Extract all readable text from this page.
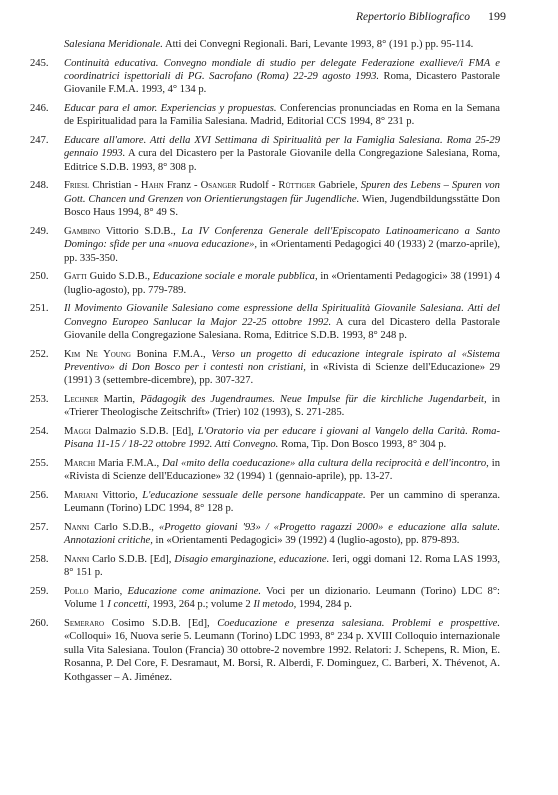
Repertorio Bibliografico 199
Salesiana Meridionale. Atti dei Convegni Regionali. Bari, Levante 1993, 8° (191 p.) pp. 95-114.
245.	Continuità educativa. Convegno mondiale di studio per delegate Federazione exallieve/i FMA e coordinatrici ispettoriali di PG. Sacrofano (Roma) 22-29 agosto 1993. Roma, Dicastero Pastorale Giovanile F.M.A. 1993, 4° 134 p.
246.	Educar para el amor. Experiencias y propuestas. Conferencias pronunciadas en Roma en la Semana de Espiritualidad para la Familia Salesiana. Madrid, Editorial CCS 1994, 8° 231 p.
247.	Educare all'amore. Atti della XVI Settimana di Spiritualità per la Famiglia Salesiana. Roma 25-29 gennaio 1993. A cura del Dicastero per la Pastorale Giovanile della Congregazione Salesiana, Roma, Editrice S.D.B. 1993, 8° 308 p.
248.	Friesl Christian - Hahn Franz - Osanger Rudolf - Rüttiger Gabriele, Spuren des Lebens – Spuren von Gott. Chancen und Grenzen von Orientierungstagen für Jugendliche. Wien, Jugendbildungsstätte Don Bosco Haus 1994, 8° 49 S.
249.	Gambino Vittorio S.D.B., La IV Conferenza Generale dell'Episcopato Latinoamericano a Santo Domingo: sfide per una «nuova educazione», in «Orientamenti Pedagogici 40 (1933) 2 (marzo-aprile), pp. 335-350.
250.	Gatti Guido S.D.B., Educazione sociale e morale pubblica, in «Orientamenti Pedagogici» 38 (1991) 4 (luglio-agosto), pp. 779-789.
251.	Il Movimento Giovanile Salesiano come espressione della Spiritualità Giovanile Salesiana. Atti del Convegno Europeo Sanlucar la Major 22-25 ottobre 1992. A cura del Dicastero della Pastorale Giovanile della Congregazione Salesiana. Roma, Editrice S.D.B. 1993, 8° 248 p.
252.	Kim Ne Young Bonina F.M.A., Verso un progetto di educazione integrale ispirato al «Sistema Preventivo» di Don Bosco per i contesti non cristiani, in «Rivista di Scienze dell'Educazione» 29 (1991) 3 (settembre-dicembre), pp. 307-327.
253.	Lechner Martin, Pädagogik des Jugendraumes. Neue Impulse für die kirchliche Jugendarbeit, in «Trierer Theologische Zeitschrift» (Trier) 102 (1993), S. 271-285.
254.	Maggi Dalmazio S.D.B. [Ed], L'Oratorio via per educare i giovani al Vangelo della Carità. Roma-Pisana 11-15 / 18-22 ottobre 1992. Atti Convegno. Roma, Tip. Don Bosco 1993, 8° 304 p.
255.	Marchi Maria F.M.A., Dal «mito della coeducazione» alla cultura della reciprocità e dell'incontro, in «Rivista di Scienze dell'Educazione» 32 (1994) 1 (gennaio-aprile), pp. 13-27.
256.	Mariani Vittorio, L'educazione sessuale delle persone handicappate. Per un cammino di speranza. Leumann (Torino) LDC 1994, 8° 128 p.
257.	Nanni Carlo S.D.B., «Progetto giovani '93» / «Progetto ragazzi 2000» e educazione alla salute. Annotazioni critiche, in «Orientamenti Pedagogici» 39 (1992) 4 (luglio-agosto), pp. 879-893.
258.	Nanni Carlo S.D.B. [Ed], Disagio emarginazione, educazione. Ieri, oggi domani 12. Roma LAS 1993, 8° 151 p.
259.	Pollo Mario, Educazione come animazione. Voci per un dizionario. Leumann (Torino) LDC 8°: Volume 1 I concetti, 1993, 264 p.; volume 2 Il metodo, 1994, 284 p.
260.	Semeraro Cosimo S.D.B. [Ed], Coeducazione e presenza salesiana. Problemi e prospettive. «Colloqui» 16, Nuova serie 5. Leumann (Torino) LDC 1993, 8° 234 p. XVIII Colloquio internazionale sulla Vita Salesiana. Toulon (Francia) 30 ottobre-2 novembre 1992. Relatori: J. Schepens, R. Mion, E. Rosanna, P. Del Core, F. Desramaut, M. Borsi, R. Alberdi, F. Dominguez, C. Barberi, X. Thévenot, A. Kothgasser – A. Jiménez.
